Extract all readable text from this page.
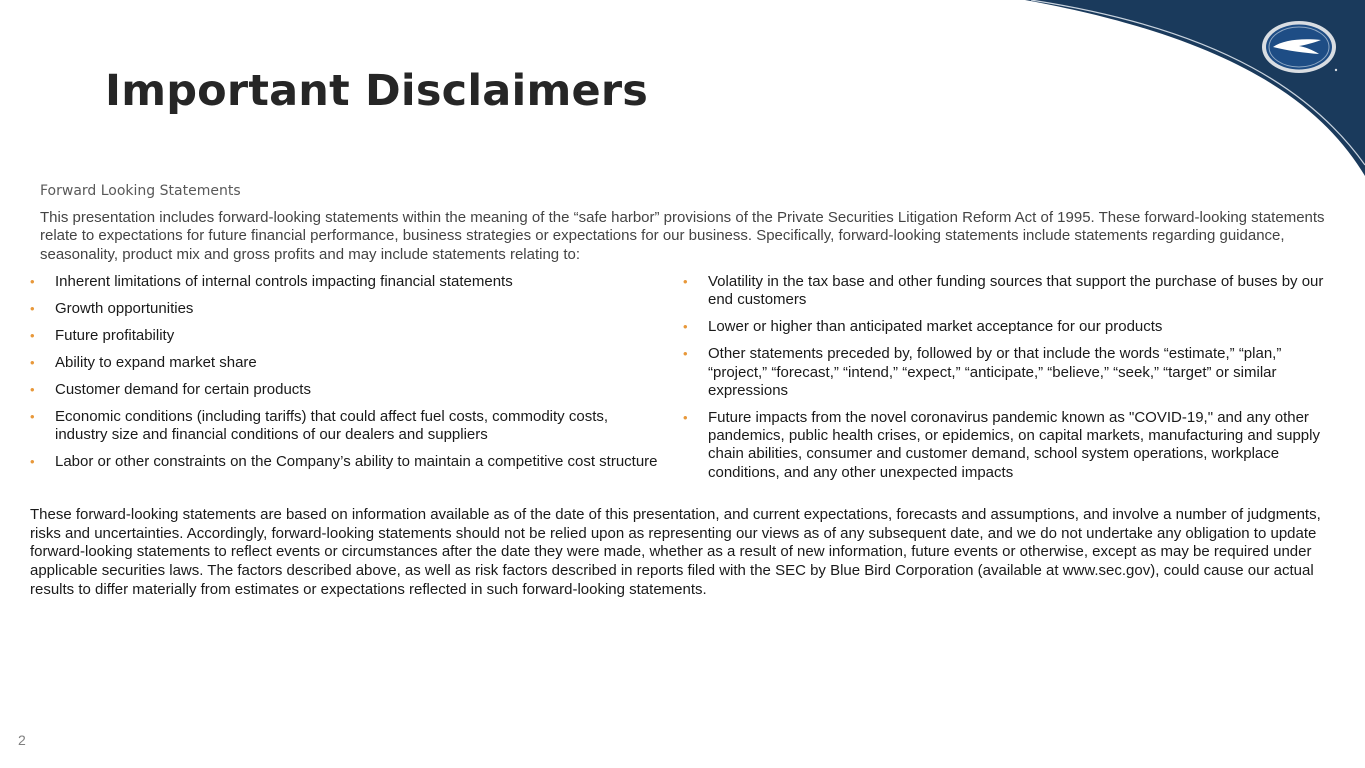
Important Disclaimers
Forward Looking Statements

This presentation includes forward-looking statements within the meaning of the “safe harbor” provisions of the Private Securities Litigation Reform Act of 1995. These forward-looking statements relate to expectations for future financial performance, business strategies or expectations for our business. Specifically, forward-looking statements include statements regarding guidance, seasonality, product mix and gross profits and may include statements relating to:

• Inherent limitations of internal controls impacting financial statements
• Growth opportunities
• Future profitability
• Ability to expand market share
• Customer demand for certain products
• Economic conditions (including tariffs) that could affect fuel costs, commodity costs, industry size and financial conditions of our dealers and suppliers
• Labor or other constraints on the Company’s ability to maintain a competitive cost structure
• Volatility in the tax base and other funding sources that support the purchase of buses by our end customers
• Lower or higher than anticipated market acceptance for our products
• Other statements preceded by, followed by or that include the words “estimate,” “plan,” “project,” “forecast,” “intend,” “expect,” “anticipate,” “believe,” “seek,” “target” or similar expressions
• Future impacts from the novel coronavirus pandemic known as "COVID-19," and any other pandemics, public health crises, or epidemics, on capital markets, manufacturing and supply chain abilities, consumer and customer demand, school system operations, workplace conditions, and any other unexpected impacts

These forward-looking statements are based on information available as of the date of this presentation, and current expectations, forecasts and assumptions, and involve a number of judgments, risks and uncertainties. Accordingly, forward-looking statements should not be relied upon as representing our views as of any subsequent date, and we do not undertake any obligation to update forward-looking statements to reflect events or circumstances after the date they were made, whether as a result of new information, future events or otherwise, except as may be required under applicable securities laws. The factors described above, as well as risk factors described in reports filed with the SEC by Blue Bird Corporation (available at www.sec.gov), could cause our actual results to differ materially from estimates or expectations reflected in such forward-looking statements.

2
